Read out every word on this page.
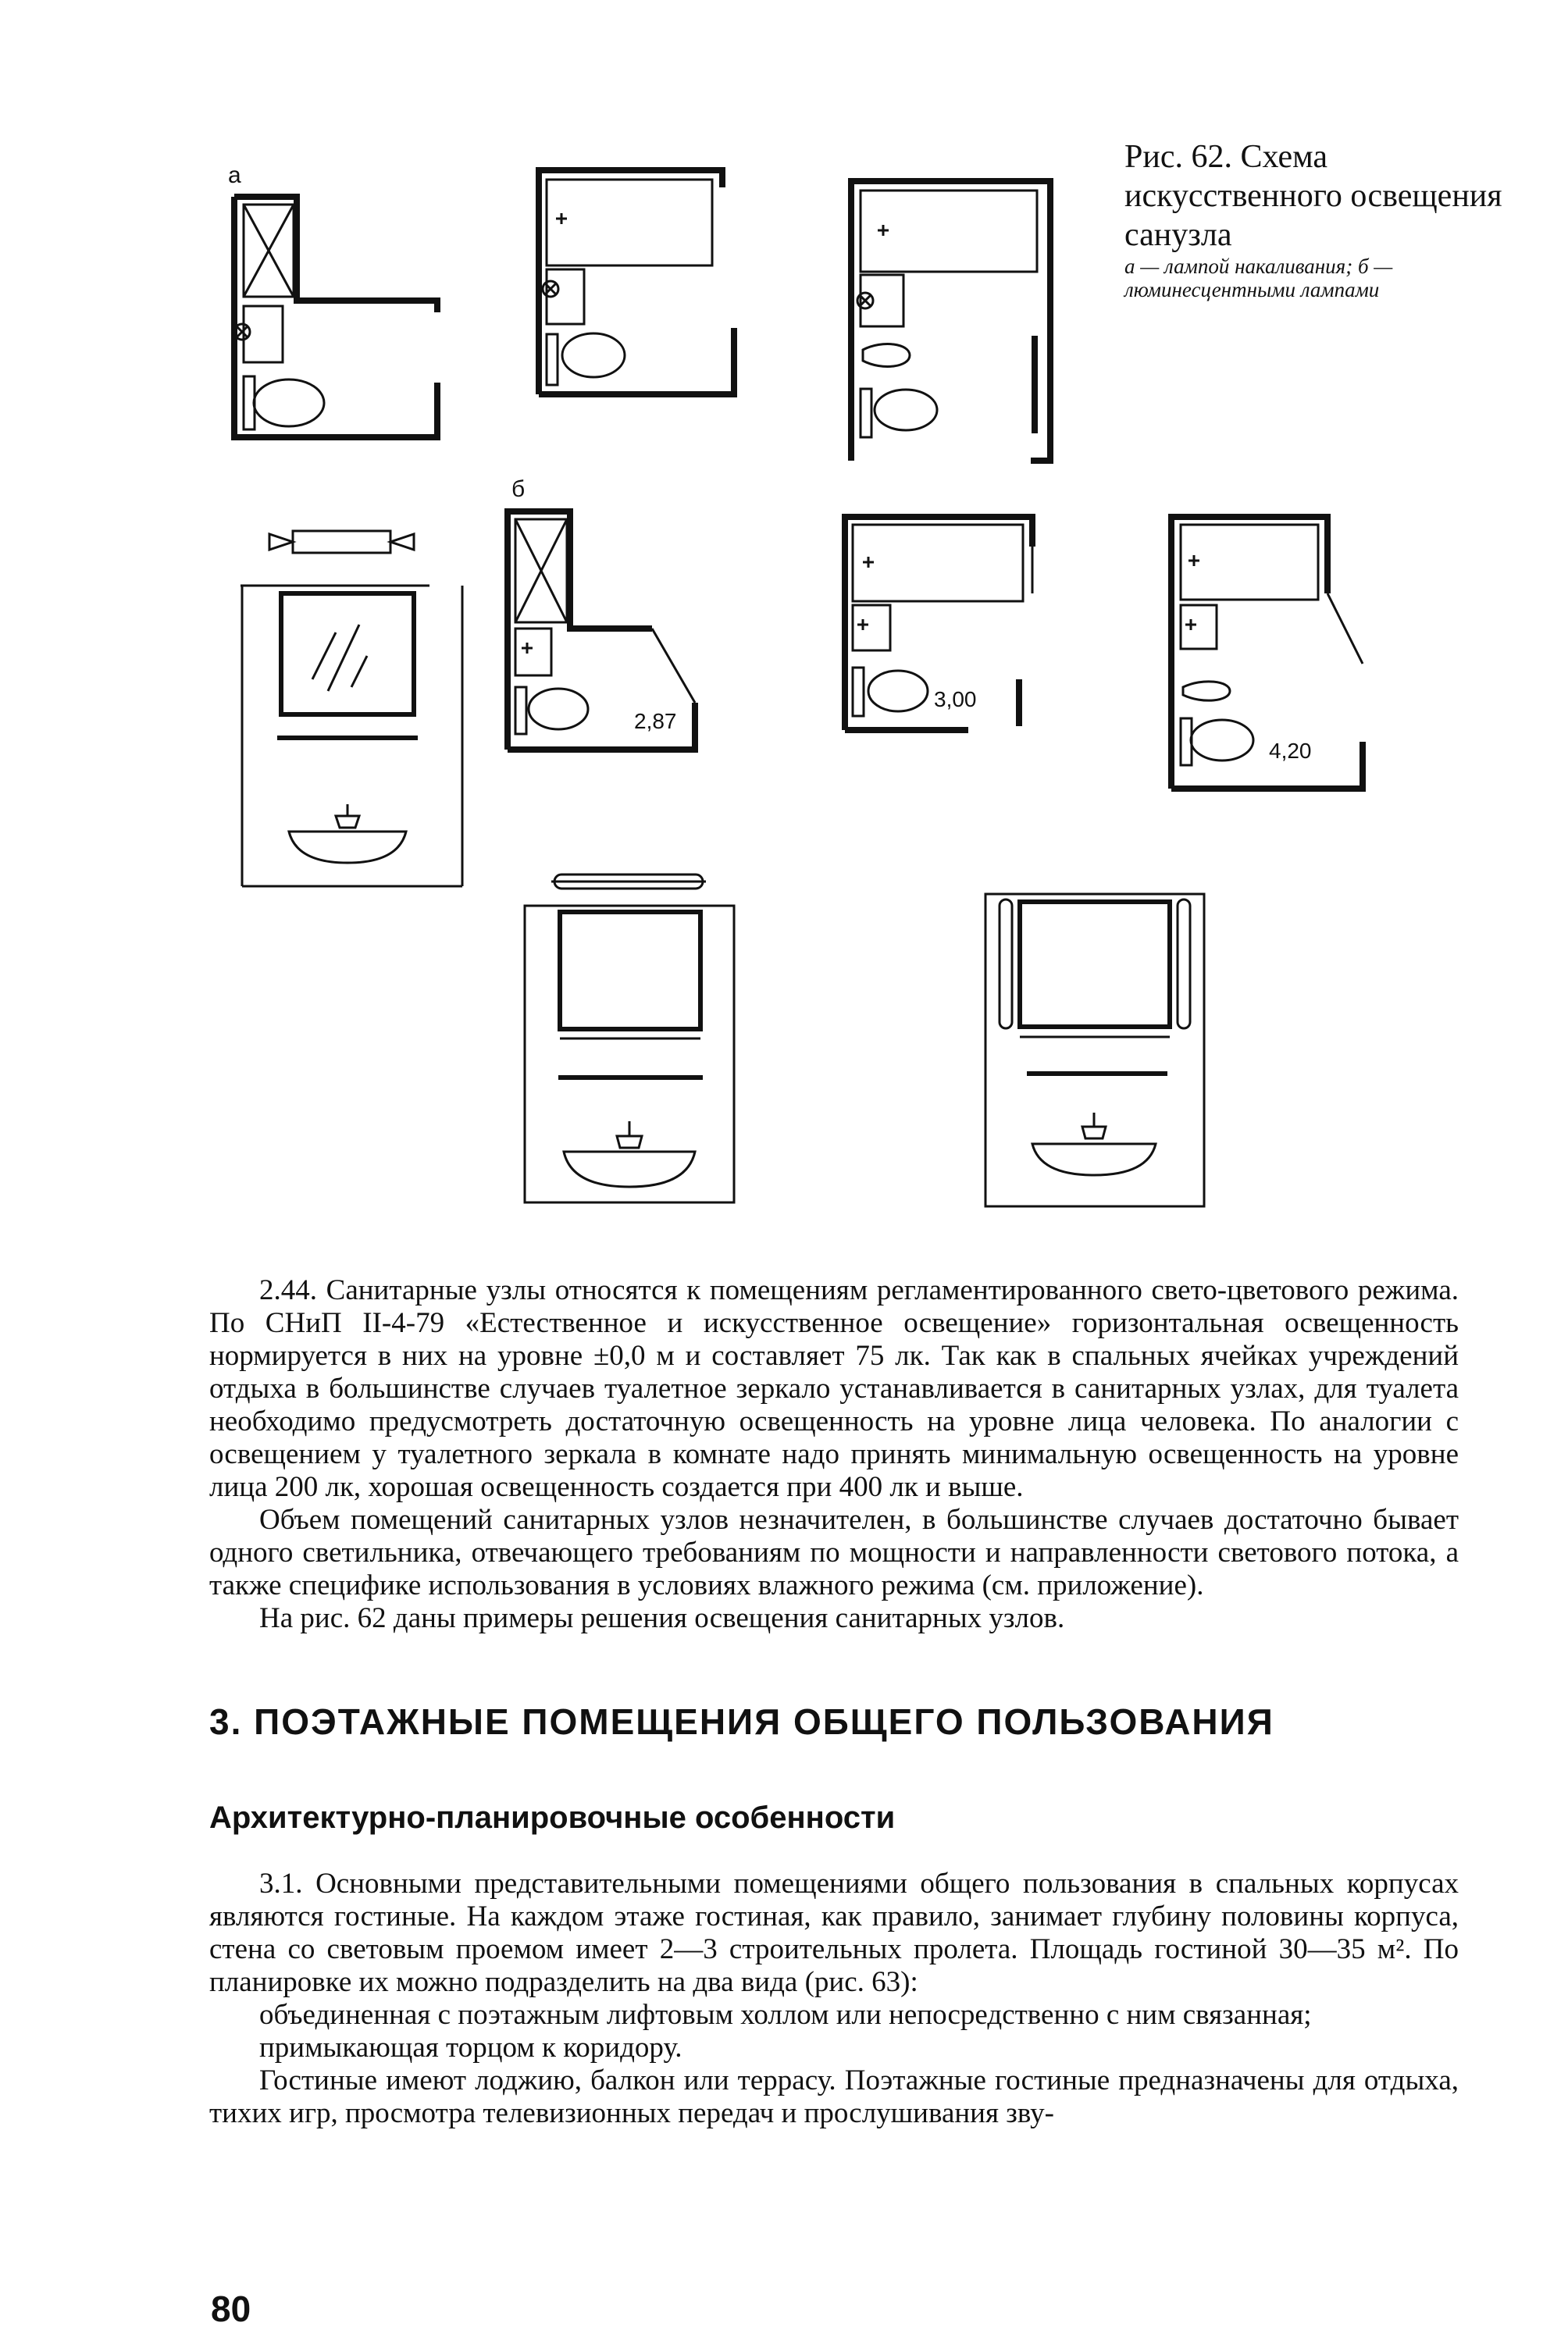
а
б
2,87
3,00
4,20
Рис. 62. Схема искусственного освещения санузла
а — лампой накаливания; б — люминесцентными лампами

2.44. Санитарные узлы относятся к помещениям регламентированного свето-цветового режима. По СНиП II-4-79 «Естественное и искусственное освещение» горизонтальная освещенность нормируется в них на уровне ±0,0 м и составляет 75 лк. Так как в спальных ячейках учреждений отдыха в большинстве случаев туалетное зеркало устанавливается в санитарных узлах, для туалета необходимо предусмотреть достаточную освещенность на уровне лица человека. По аналогии с освещением у туалетного зеркала в комнате надо принять минимальную освещенность на уровне лица 200 лк, хорошая освещенность создается при 400 лк и выше.

Объем помещений санитарных узлов незначителен, в большинстве случаев достаточно бывает одного светильника, отвечающего требованиям по мощности и направленности светового потока, а также специфике использования в условиях влажного режима (см. приложение).

На рис. 62 даны примеры решения освещения санитарных узлов.

3. ПОЭТАЖНЫЕ ПОМЕЩЕНИЯ ОБЩЕГО ПОЛЬЗОВАНИЯ
Архитектурно-планировочные особенности

3.1. Основными представительными помещениями общего пользования в спальных корпусах являются гостиные. На каждом этаже гостиная, как правило, занимает глубину половины корпуса, стена со световым проемом имеет 2—3 строительных пролета. Площадь гостиной 30—35 м². По планировке их можно подразделить на два вида (рис. 63):

объединенная с поэтажным лифтовым холлом или непосредственно с ним связанная;

примыкающая торцом к коридору.

Гостиные имеют лоджию, балкон или террасу. Поэтажные гостиные предназначены для отдыха, тихих игр, просмотра телевизионных передач и прослушивания зву-

80
